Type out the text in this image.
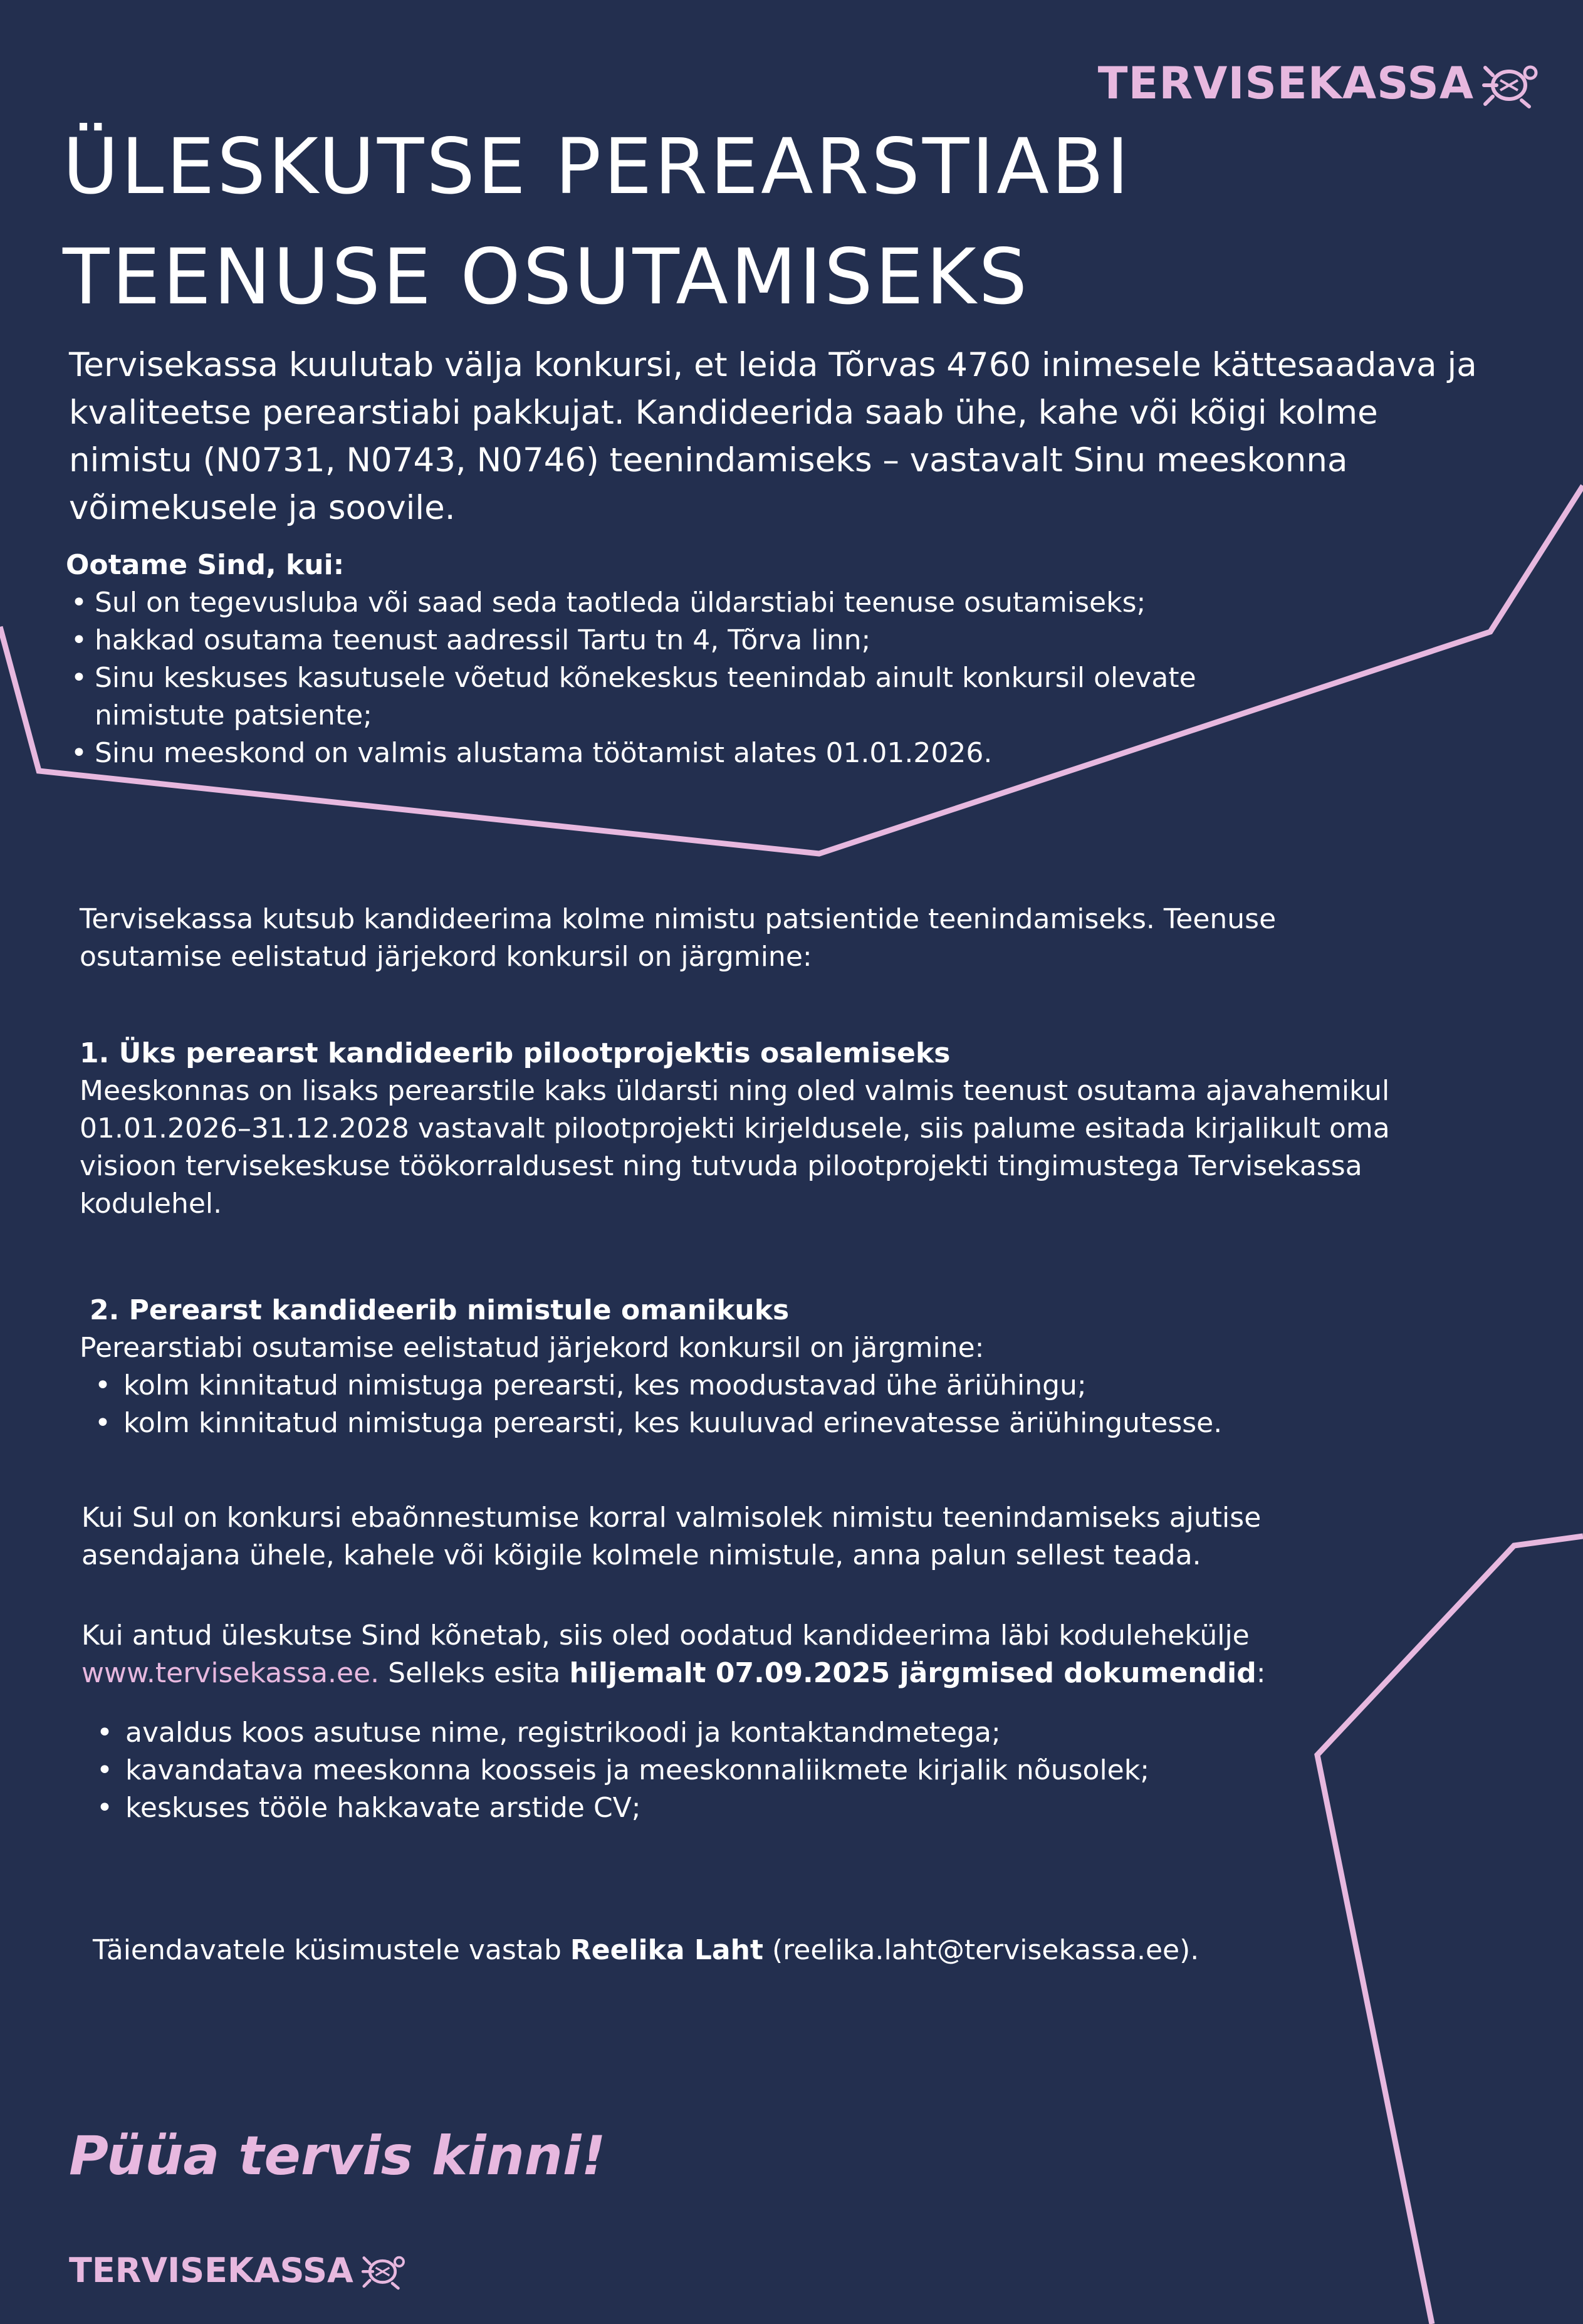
TERVISEKASSA
ÜLESKUTSE PEREARSTIABI
TEENUSE OSUTAMISEKS

Tervisekassa kuulutab välja konkursi, et leida Tõrvas 4760 inimesele kättesaadava ja kvaliteetse perearstiabi pakkujat. Kandideerida saab ühe, kahe või kõigi kolme nimistu (N0731, N0743, N0746) teenindamiseks – vastavalt Sinu meeskonna võimekusele ja soovile.

Ootame Sind, kui:

• Sul on tegevusluba või saad seda taotleda üldarstiabi teenuse osutamiseks;
• hakkad osutama teenust aadressil Tartu tn 4, Tõrva linn;
• Sinu keskuses kasutusele võetud kõnekeskus teenindab ainult konkursil olevate nimistute patsiente;
• Sinu meeskond on valmis alustama töötamist alates 01.01.2026.

Tervisekassa kutsub kandideerima kolme nimistu patsientide teenindamiseks. Teenuse osutamise eelistatud järjekord konkursil on järgmine:

1. Üks perearst kandideerib pilootprojektis osalemiseks

Meeskonnas on lisaks perearstile kaks üldarsti ning oled valmis teenust osutama ajavahemikul 01.01.2026–31.12.2028 vastavalt pilootprojekti kirjeldusele, siis palume esitada kirjalikult oma visioon tervisekeskuse töökorraldusest ning tutvuda pilootprojekti tingimustega Tervisekassa kodulehel.

2. Perearst kandideerib nimistule omanikuks

Perearstiabi osutamise eelistatud järjekord konkursil on järgmine:

• kolm kinnitatud nimistuga perearsti, kes moodustavad ühe äriühingu;
• kolm kinnitatud nimistuga perearsti, kes kuuluvad erinevatesse äriühingutesse.

Kui Sul on konkursi ebaõnnestumise korral valmisolek nimistu teenindamiseks ajutise asendajana ühele, kahele või kõigile kolmele nimistule, anna palun sellest teada.

Kui antud üleskutse Sind kõnetab, siis oled oodatud kandideerima läbi kodulehekülje
www.tervisekassa.ee. Selleks esita hiljemalt 07.09.2025 järgmised dokumendid:

• avaldus koos asutuse nime, registrikoodi ja kontaktandmetega;
• kavandatava meeskonna koosseis ja meeskonnaliikmete kirjalik nõusolek;
• keskuses tööle hakkavate arstide CV;

Täiendavatele küsimustele vastab Reelika Laht (reelika.laht@tervisekassa.ee).

Püüa tervis kinni!
TERVISEKASSA
